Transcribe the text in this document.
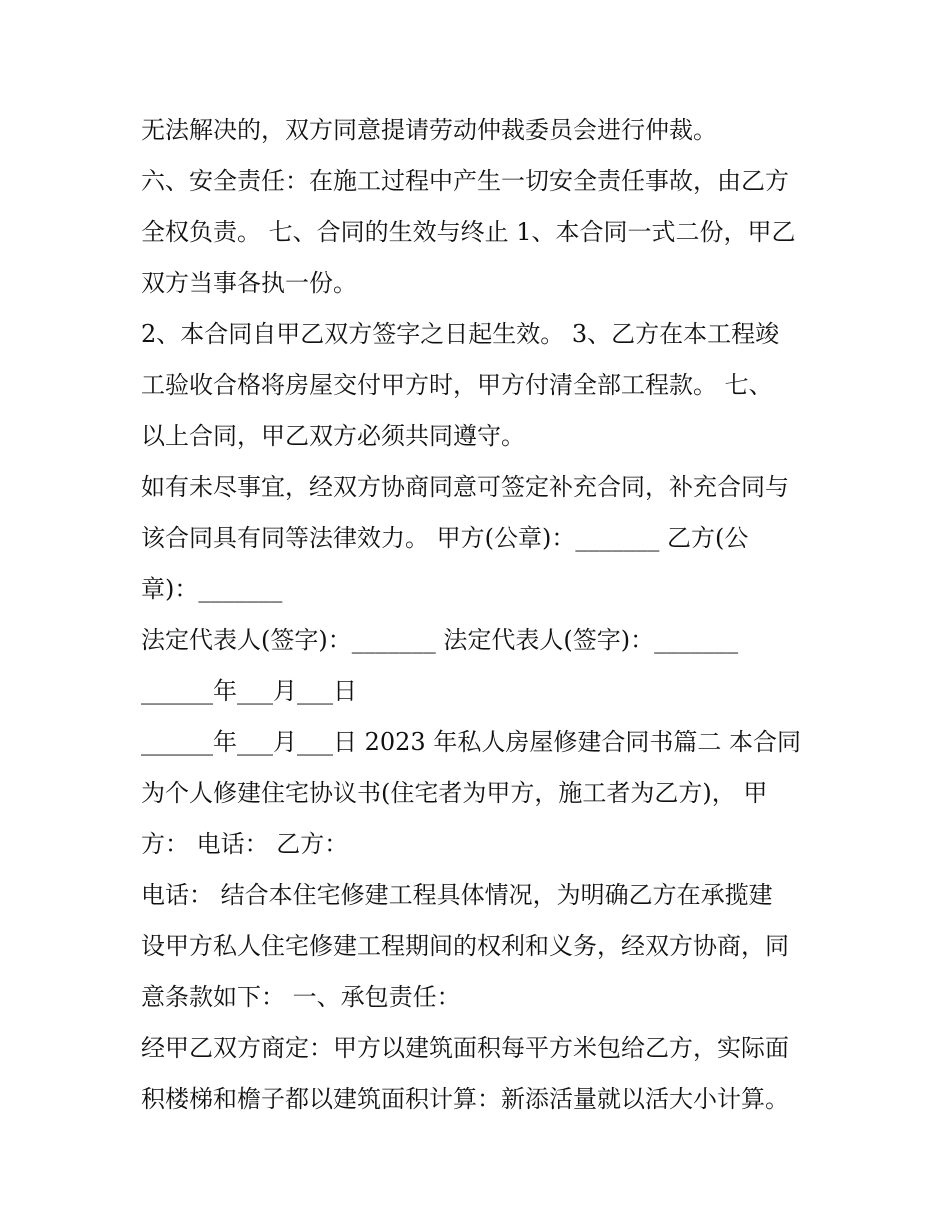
无法解决的，双方同意提请劳动仲裁委员会进行仲裁。
六、安全责任：在施工过程中产生一切安全责任事故，由乙方
全权负责。 七、合同的生效与终止 1、本合同一式二份，甲乙
双方当事各执一份。
2、本合同自甲乙双方签字之日起生效。 3、乙方在本工程竣
工验收合格将房屋交付甲方时，甲方付清全部工程款。 七、
以上合同，甲乙双方必须共同遵守。
如有未尽事宜，经双方协商同意可签定补充合同，补充合同与
该合同具有同等法律效力。 甲方(公章)：_______ 乙方(公
章)：_______
法定代表人(签字)：_______ 法定代表人(签字)：_______
______年___月___日
______年___月___日 2023 年私人房屋修建合同书篇二 本合同
为个人修建住宅协议书(住宅者为甲方，施工者为乙方)， 甲
方： 电话： 乙方：
电话： 结合本住宅修建工程具体情况，为明确乙方在承揽建
设甲方私人住宅修建工程期间的权利和义务，经双方协商，同
意条款如下： 一、承包责任：
经甲乙双方商定：甲方以建筑面积每平方米包给乙方，实际面
积楼梯和檐子都以建筑面积计算：新添活量就以活大小计算。
